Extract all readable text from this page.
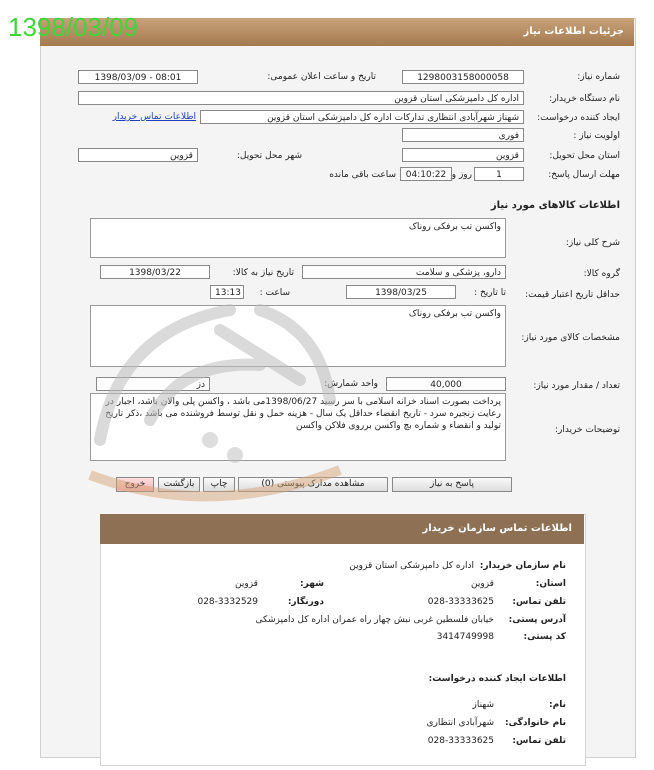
جزئیات اطلاعات نیاز
1398/03/09
شماره نیاز:
1298003158000058
تاریخ و ساعت اعلان عمومی:
1398/03/09 - 08:01
نام دستگاه خریدار:
اداره کل دامپزشکی استان قزوین
ایجاد کننده درخواست:
شهناز شهرآبادی انتظاری تدارکات اداره کل دامپزشکی استان قزوین
اطلاعات تماس خریدار
اولویت نیاز :
فوری
استان محل تحویل:
قزوین
شهر محل تحویل:
قزوین
مهلت ارسال پاسخ:
1
روز و
04:10:22
ساعت باقی مانده
اطلاعات کالاهای مورد نیاز
شرح کلی نیاز:
واکسن تب برفکی روناک
گروه کالا:
دارو، پزشکی و سلامت
تاریخ نیاز به کالا:
1398/03/22
حداقل تاریخ اعتبار قیمت:
تا تاریخ :
1398/03/25
ساعت :
13:13
مشخصات کالای مورد نیاز:
واکسن تب برفکی روناک
تعداد / مقدار مورد نیاز:
40,000
واحد شمارش:
دز
توضیحات خریدار:
پرداخت بصورت اسناد خزانه اسلامی با سر رسید 1398/06/27می باشد ، واکسن پلی والان باشد، اجبار در رعایت زنجیره سرد - تاریخ انقضاء حداقل یک سال - هزینه حمل و نقل توسط فروشنده می باشد ،ذکر تاریخ تولید و انقضاء و شماره بچ واکسن برروی فلاکن واکسن
پاسخ به نیاز
مشاهده مدارک پیوستی (0)
چاپ
بازگشت
خروج
اطلاعات تماس سازمان خریدار
نام سازمان خریدار:
اداره کل دامپزشکی استان قزوین
استان:
قزوین
شهر:
قزوین
تلفن تماس:
028-33333625
دورنگار:
028-3332529
آدرس پستی:
خیابان فلسطین غربی نبش چهار راه عمران اداره کل دامپزشکی
کد پستی:
3414749998
اطلاعات ایجاد کننده درخواست:
نام:
شهناز
نام خانوادگی:
شهرآبادی انتظاری
تلفن تماس:
028-33333625
